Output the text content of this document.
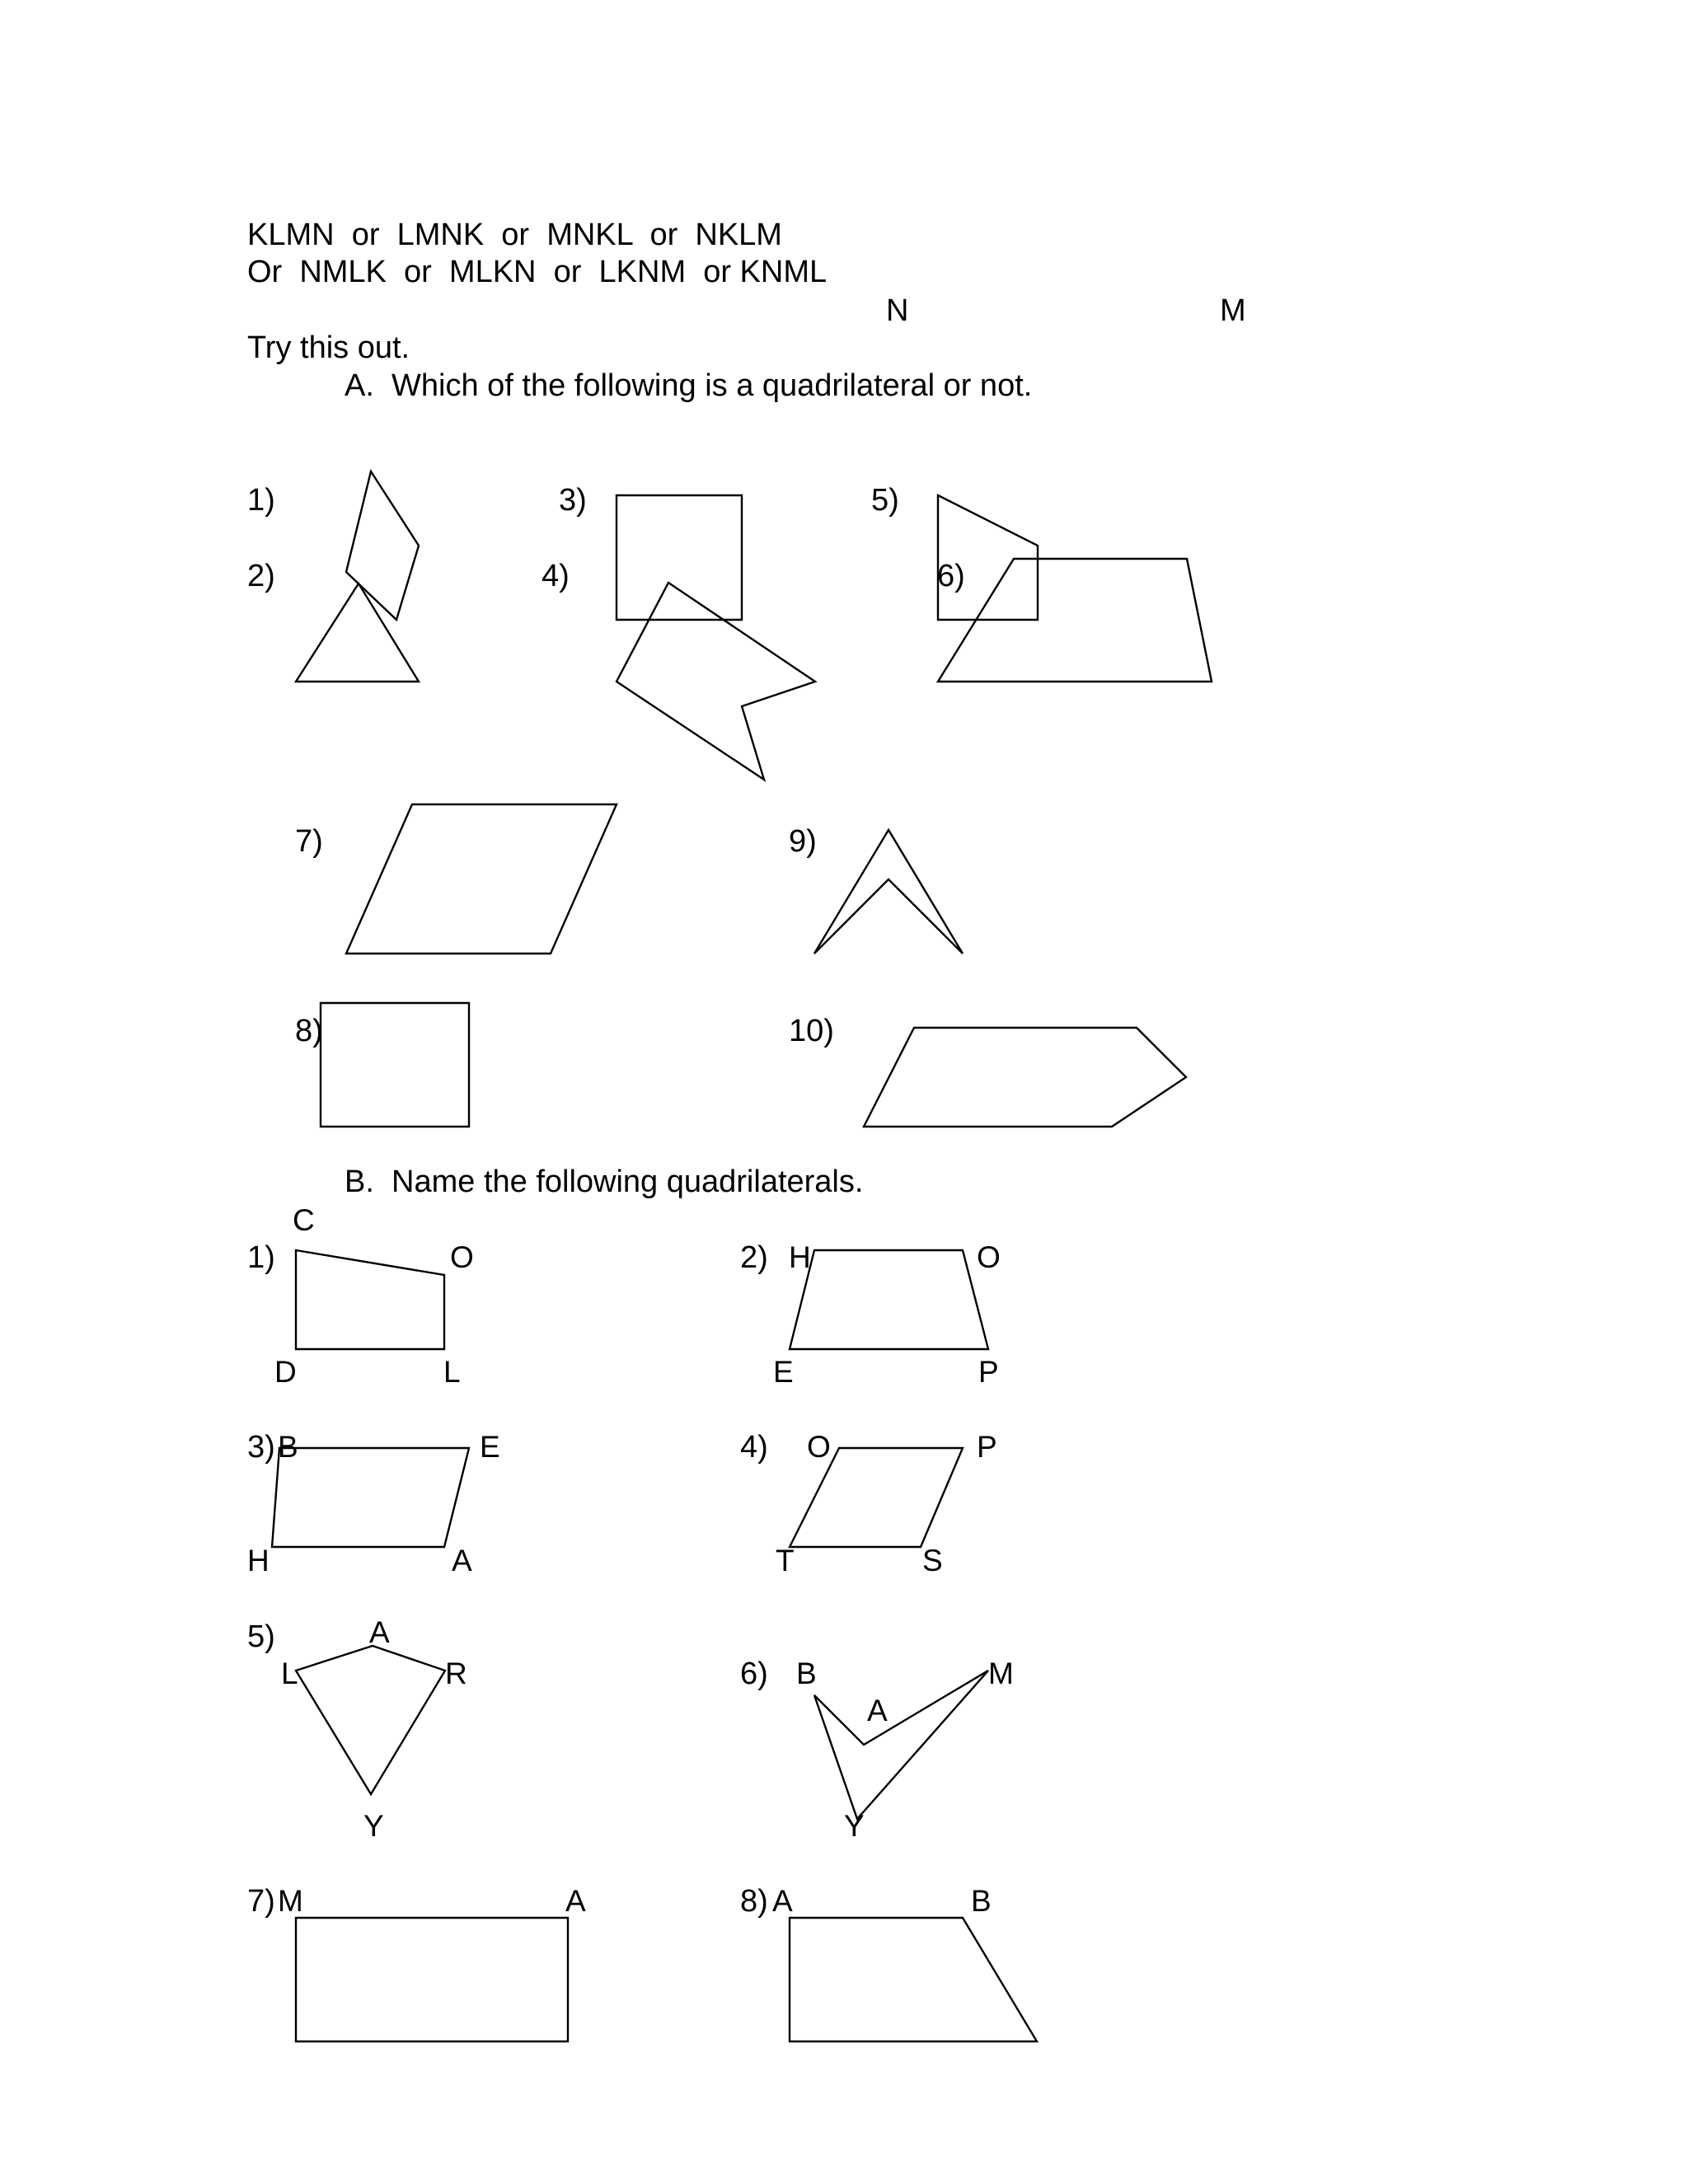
KLMN  or  LMNK  or  MNKL  or  NKLM
Or  NMLK  or  MLKN  or  LKNM  or KNML
N	M
Try this out.
A.  Which of the following is a quadrilateral or not.
1)
2)
3)
4)
5)
6)
7)
8)
9)
10)
B.  Name the following quadrilaterals.
1)	2)
3)	4)
5)
6)
7)	8)
C
O
D	L
H	O
E	P
B	E
H	A
O	P
T	S
A
L	R
Y
B	M
A
Y
M	A	A	B
